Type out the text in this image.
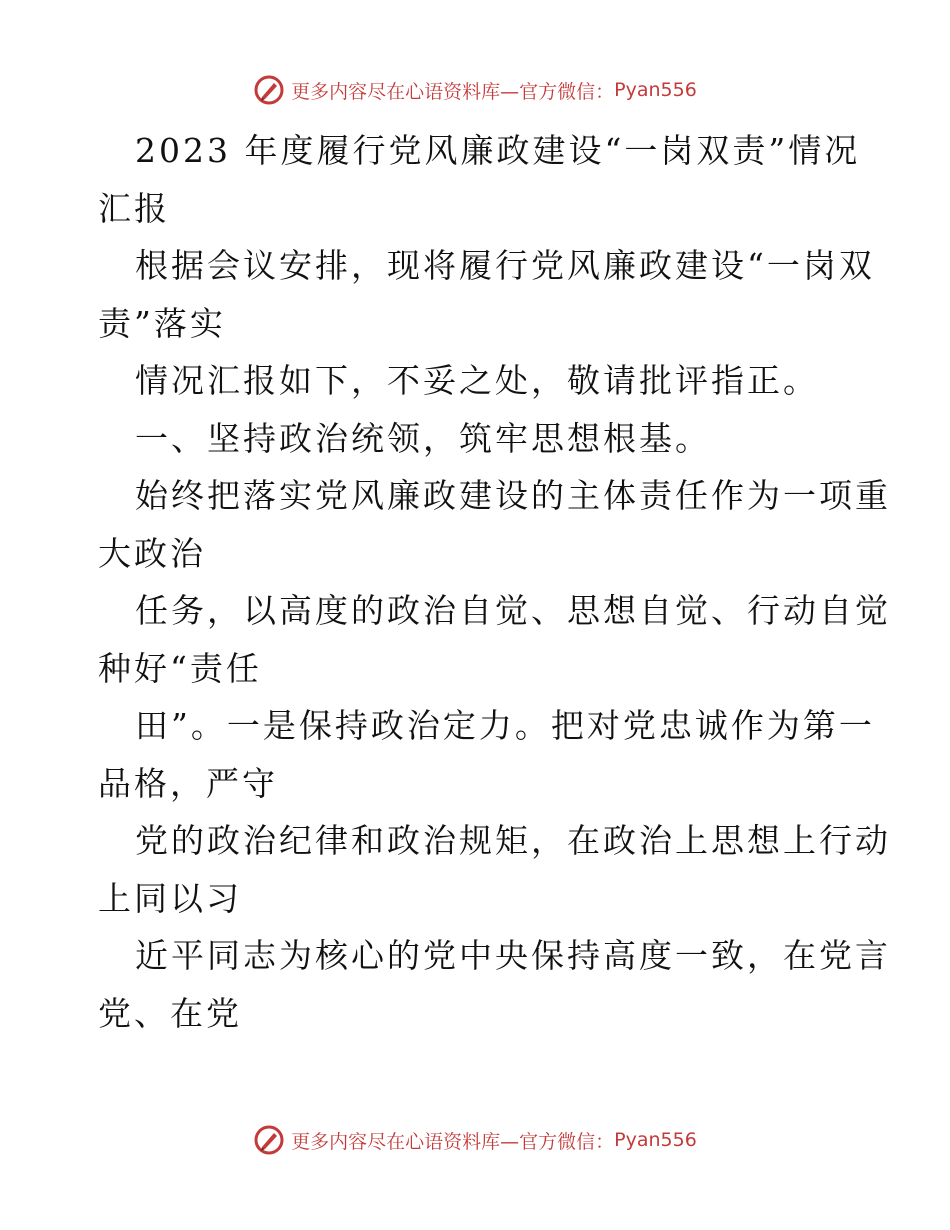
更多内容尽在心语资料库—官方微信： Pyan556
2023 年度履行党风廉政建设“一岗双责”情况
汇报
根据会议安排，现将履行党风廉政建设“一岗双
责”落实
情况汇报如下，不妥之处，敬请批评指正。
一、坚持政治统领，筑牢思想根基。
始终把落实党风廉政建设的主体责任作为一项重
大政治
任务，以高度的政治自觉、思想自觉、行动自觉
种好“责任
田”。一是保持政治定力。把对党忠诚作为第一
品格，严守
党的政治纪律和政治规矩，在政治上思想上行动
上同以习
近平同志为核心的党中央保持高度一致，在党言
党、在党
更多内容尽在心语资料库—官方微信： Pyan556
